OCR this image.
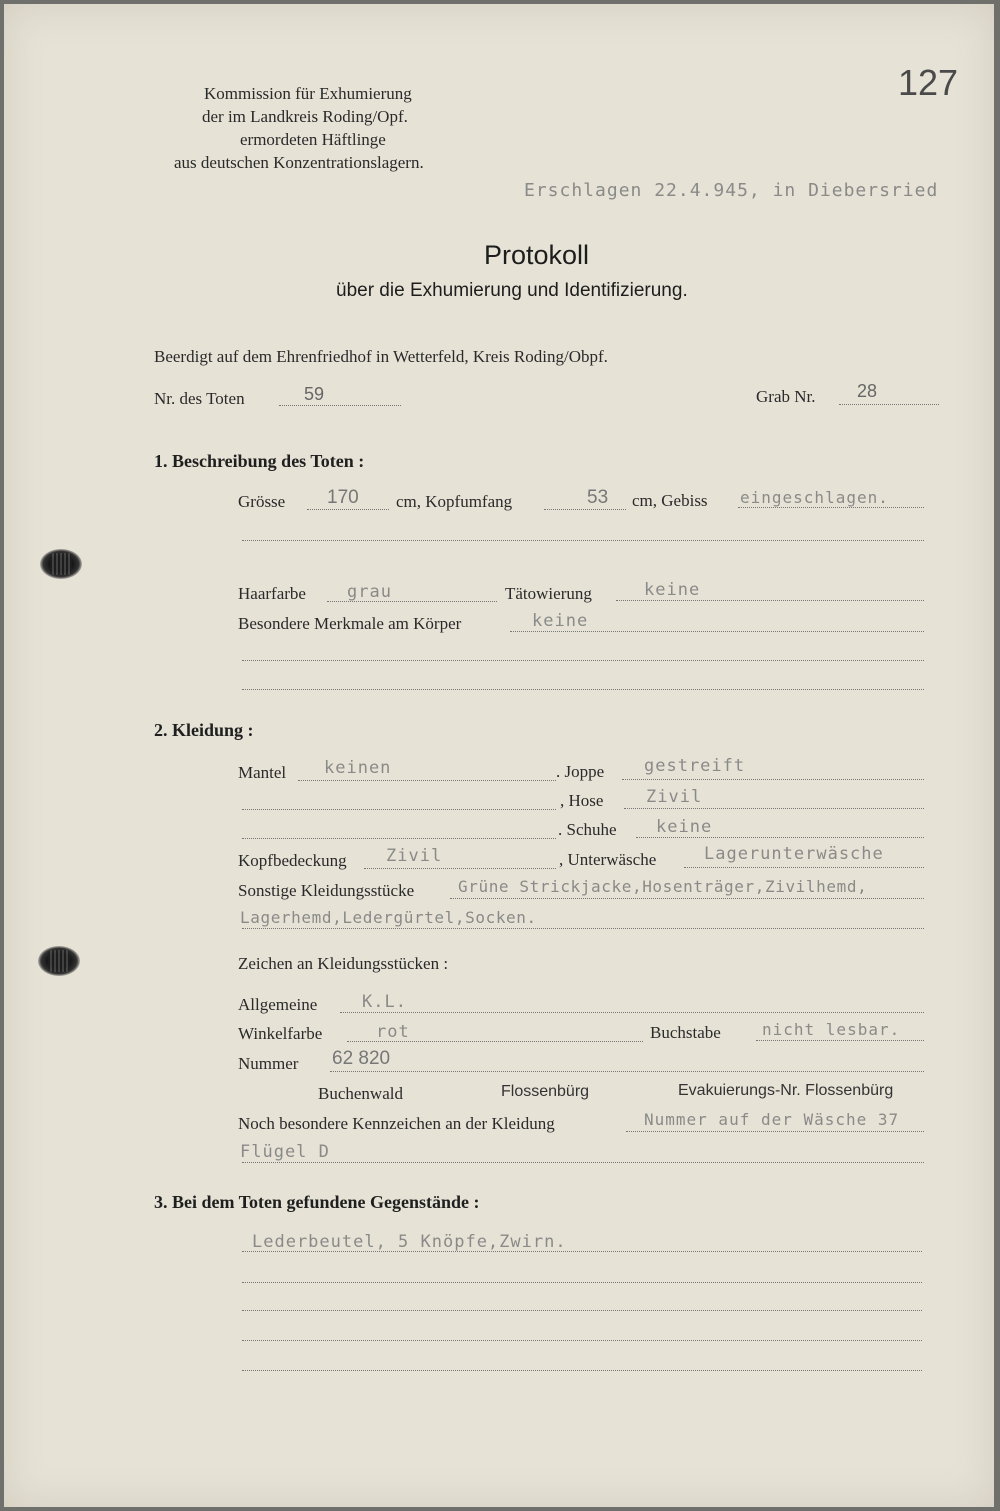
127
Kommission für Exhumierung
der im Landkreis Roding/Opf.
ermordeten Häftlinge
aus deutschen Konzentrationslagern.
Erschlagen 22.4.945, in Diebersried
Protokoll
über die Exhumierung und Identifizierung.
Beerdigt auf dem Ehrenfriedhof in Wetterfeld, Kreis Roding/Obpf.
Nr. des Toten	59	Grab Nr. 28
1. Beschreibung des Toten :
Grösse 170 cm, Kopfumfang	53 cm, Gebiss eingeschlagen.
Haarfarbe grau	Tätowierung	keine
Besondere Merkmale am Körper	keine
2. Kleidung :
Mantel keinen	. Joppe gestreift
, Hose	Zivil
. Schuhe keine
Kopfbedeckung Zivil	, Unterwäsche	Lagerunterwäsche
Sonstige Kleidungsstücke	Grüne Strickjacke,Hosenträger,Zivilhemd,
Lagerhemd,Ledergürtel,Socken.
Zeichen an Kleidungsstücken :
Allgemeine	K.L.
Winkelfarbe	rot	Buchstabe	nicht lesbar.
Nummer 62 820
Buchenwald	Flossenbürg	Evakuierungs-Nr. Flossenbürg
Noch besondere Kennzeichen an der Kleidung	Nummer auf der Wäsche 37
Flügel D
3. Bei dem Toten gefundene Gegenstände :
Lederbeutel, 5 Knöpfe,Zwirn.
